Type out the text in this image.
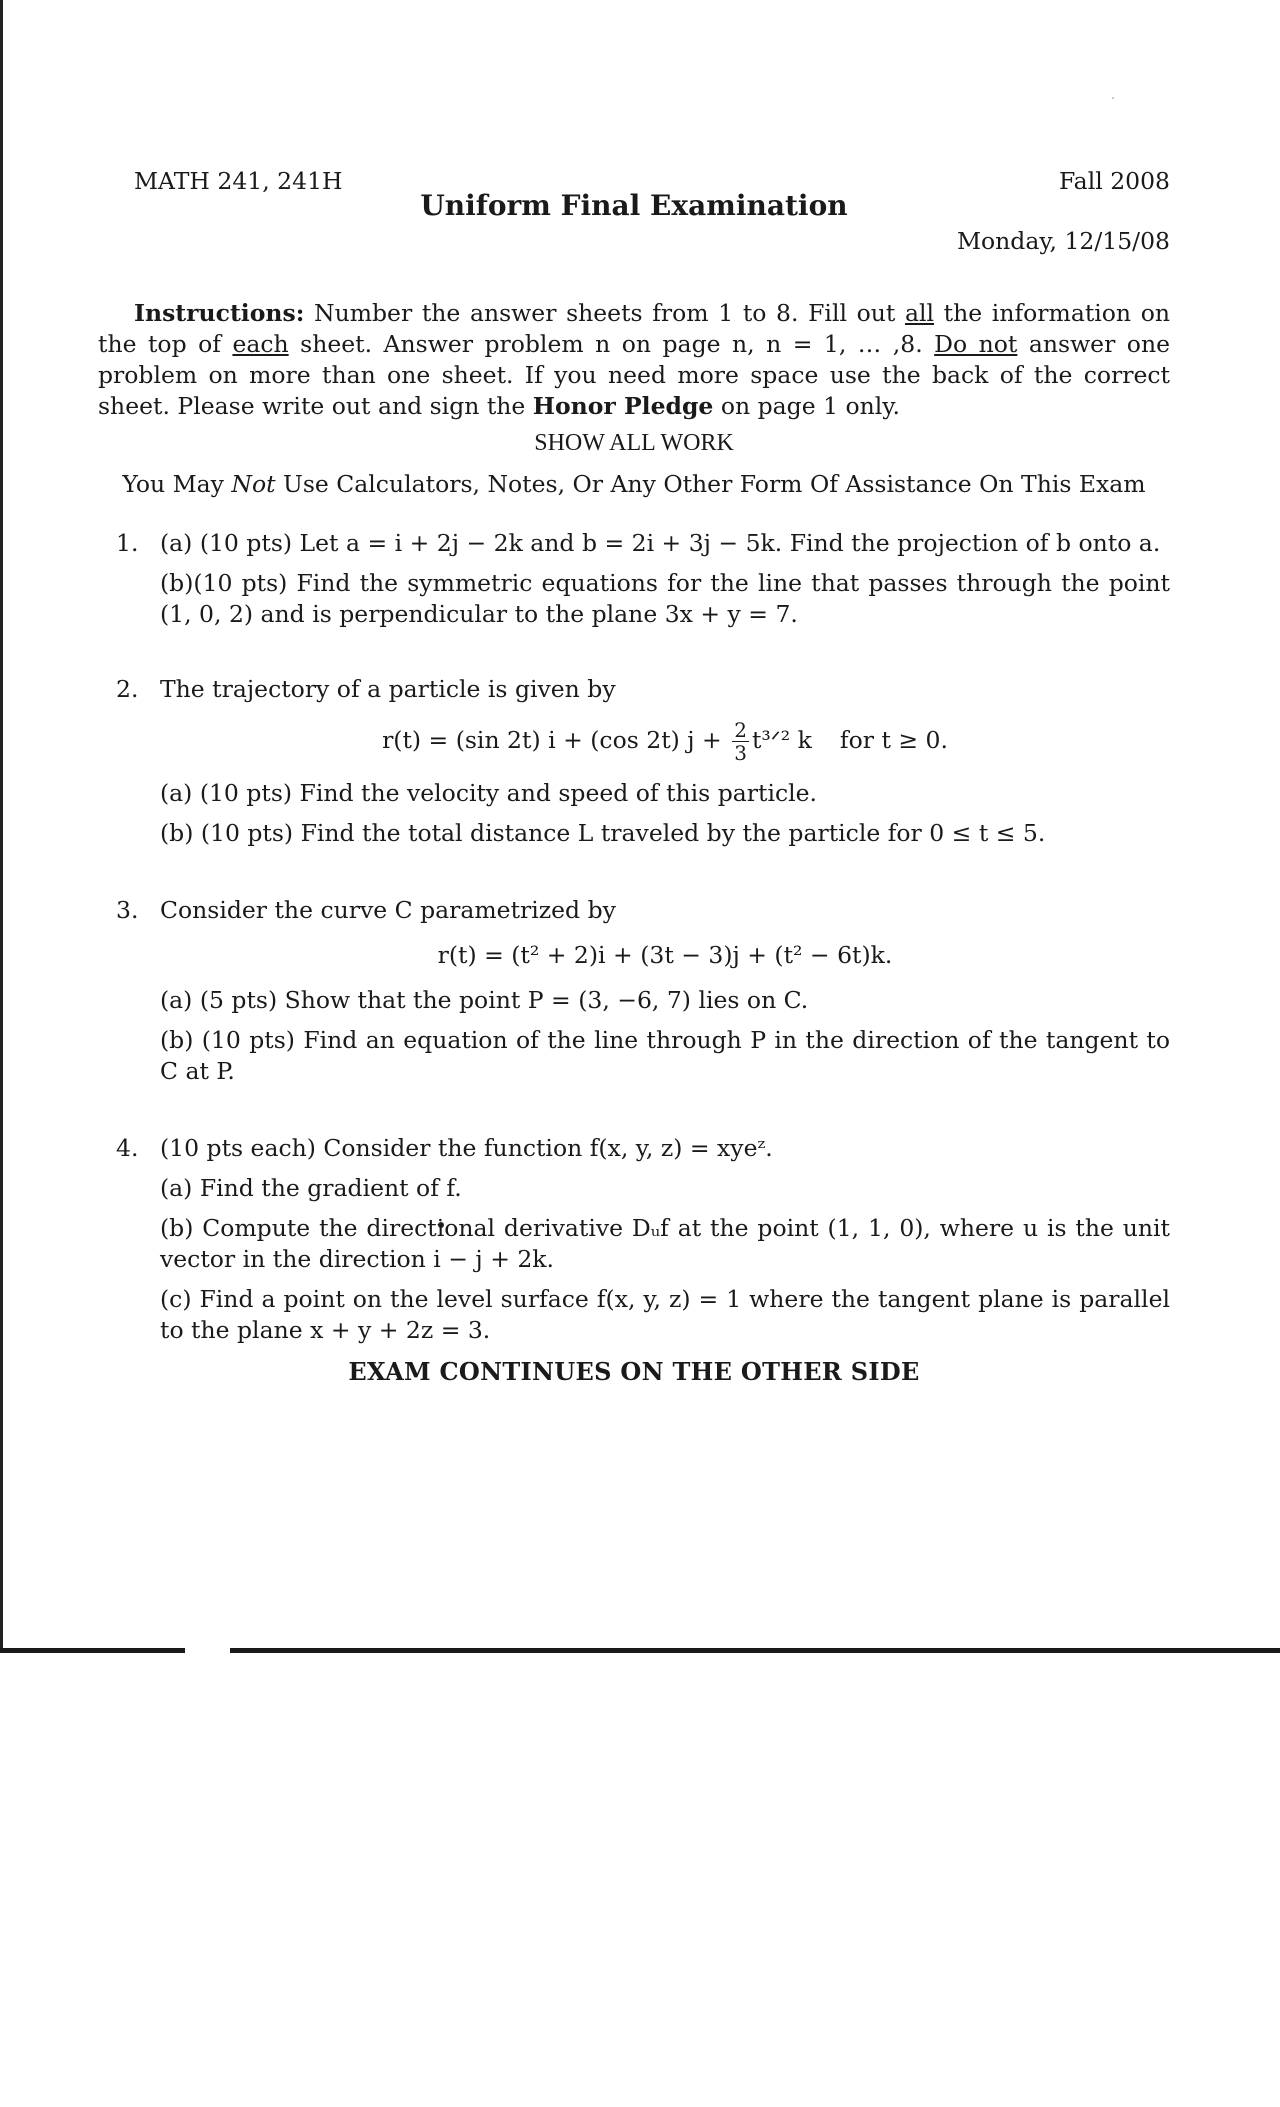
MATH 241, 241H	Fall 2008
Uniform Final Examination
Monday, 12/15/08
Instructions: Number the answer sheets from 1 to 8. Fill out all the information on the top of each sheet. Answer problem n on page n, n = 1, … ,8. Do not answer one problem on more than one sheet. If you need more space use the back of the correct sheet. Please write out and sign the Honor Pledge on page 1 only.
SHOW ALL WORK
You May Not Use Calculators, Notes, Or Any Other Form Of Assistance On This Exam
1. (a) (10 pts) Let a = i + 2j − 2k and b = 2i + 3j − 5k. Find the projection of b onto a.
(b)(10 pts) Find the symmetric equations for the line that passes through the point (1, 0, 2) and is perpendicular to the plane 3x + y = 7.
2. The trajectory of a particle is given by
r(t) = (sin 2t) i + (cos 2t) $j + \frac{2}{3}$ t³ᐟ² k for t ≥ 0.
(a) (10 pts) Find the velocity and speed of this particle.
(b) (10 pts) Find the total distance L traveled by the particle for 0 ≤ t ≤ 5.
3. Consider the curve C parametrized by
r(t) = (t² + 2)i + (3t − 3)j + (t² − 6t)k.
(a) (5 pts) Show that the point P = (3, −6, 7) lies on C.
(b) (10 pts) Find an equation of the line through P in the direction of the tangent to C at P.
4. (10 pts each) Consider the function f(x, y, z) = xyeᶻ.
(a) Find the gradient of f.
(b) Compute the directional derivative Dᵤf at the point (1, 1, 0), where u is the unit vector in the direction i − j + 2k.
(c) Find a point on the level surface f(x, y, z) = 1 where the tangent plane is parallel to the plane x + y + 2z = 3.
EXAM CONTINUES ON THE OTHER SIDE
